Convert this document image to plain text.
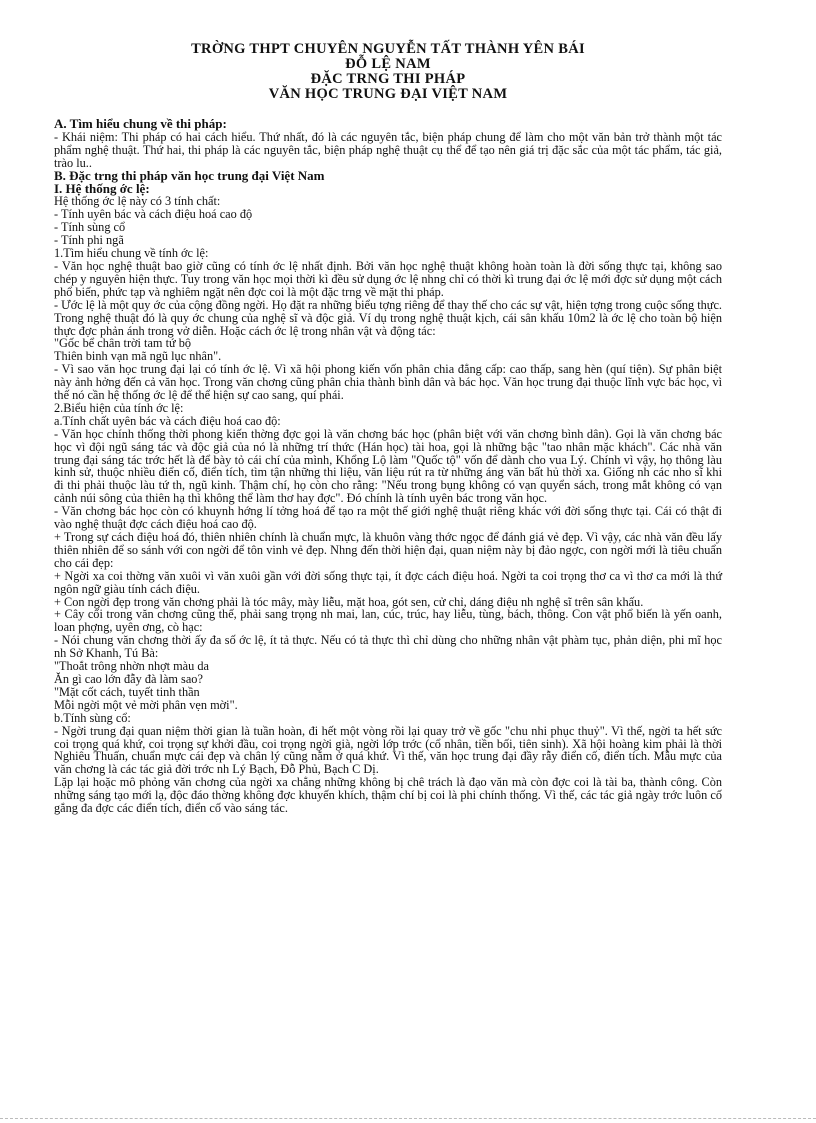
TRỜNG THPT CHUYÊN NGUYỄN TẤT THÀNH YÊN BÁI
ĐỖ LỆ NAM
ĐẶC TRNG THI PHÁP
VĂN HỌC TRUNG ĐẠI VIỆT NAM

A. Tìm hiểu chung về thi pháp:

- Khái niệm: Thi pháp có hai cách hiểu. Thứ nhất, đó là các nguyên tắc, biện pháp chung để làm cho một văn bản trở thành một tác phẩm nghệ thuật. Thứ hai, thi pháp là các nguyên tắc, biện pháp nghệ thuật cụ thể để tạo nên giá trị đặc sắc của một tác phẩm, tác giả, trào lu..

B. Đặc trng thi pháp văn học trung đại Việt Nam

I. Hệ thống ớc lệ:

Hệ thống ớc lệ này có 3 tính chất:

- Tính uyên bác và cách điệu hoá cao độ

- Tính sùng cổ

- Tính phi ngã

1.Tìm hiểu chung về tính ớc lệ:

- Văn học nghệ thuật bao giờ cũng có tính ớc lệ nhất định. Bởi văn học nghệ thuật không hoàn toàn là đời sống thực tại, không sao chép y nguyên hiện thực. Tuy trong văn học mọi thời kì đều sử dụng ớc lệ nhng chỉ có thời kì trung đại ớc lệ mới đợc sử dụng một cách phổ biến, phức tạp và nghiêm ngặt nên đợc coi là một đặc trng về mặt thi pháp.

- Ước lệ là một quy ớc của cộng đồng ngời. Họ đặt ra những biểu tợng riêng để thay thế cho các sự vật, hiện tợng trong cuộc sống thực. Trong nghệ thuật đó là quy ớc chung của nghệ sĩ và độc giả. Ví dụ trong nghệ thuật kịch, cái sân khấu 10m2 là ớc lệ cho toàn bộ hiện thực đợc phản ánh trong vở diễn. Hoặc cách ớc lệ trong nhân vật và động tác:

"Gốc bể chân trời tam tứ bộ

Thiên binh vạn mã ngũ lục nhân".

- Vì sao văn học trung đại lại có tính ớc lệ. Vì xã hội phong kiến vốn phân chia đẳng cấp: cao thấp, sang hèn (quí tiện). Sự phân biệt này ảnh hởng đến cả văn học. Trong văn chơng cũng phân chia thành bình dân và bác học. Văn học trung đại thuộc lĩnh vực bác học, vì thế nó cần hệ thống ớc lệ để thể hiện sự cao sang, quí phái.

2.Biểu hiện của tính ớc lệ:

a.Tính chất uyên bác và cách điệu hoá cao độ:

- Văn học chính thống thời phong kiến thờng đợc gọi là văn chơng bác học (phân biệt với văn chơng bình dân). Gọi là văn chơng bác học vì đội ngũ sáng tác và độc giả của nó là những trí thức (Hán học) tài hoa, gọi là những bậc "tao nhân mặc khách". Các nhà văn trung đại sáng tác trớc hết là để bày tỏ cái chí của mình, Khổng Lộ làm "Quốc tộ" vốn để dành cho vua Lý. Chính vì vậy, họ thông làu kinh sử, thuộc nhiều điển cố, điển tích, tìm tận những thi liệu, văn liệu rút ra từ những áng văn bất hủ thời xa. Giống nh các nho sĩ khi đi thi phải thuộc làu tứ th, ngũ kinh. Thậm chí, họ còn cho rằng: "Nếu trong bụng không có vạn quyển sách, trong mắt không có vạn cảnh núi sông của thiên hạ thì không thể làm thơ hay đợc". Đó chính là tính uyên bác trong văn học.

- Văn chơng bác học còn có khuynh hớng lí tởng hoá để tạo ra một thế giới nghệ thuật riêng khác với đời sống thực tại. Cái có thật đi vào nghệ thuật đợc cách điệu hoá cao độ.

+ Trong sự cách điệu hoá đó, thiên nhiên chính là chuẩn mực, là khuôn vàng thớc ngọc để đánh giá vẻ đẹp. Vì vậy, các nhà văn đều lấy thiên nhiên để so sánh với con ngời để tôn vinh vẻ đẹp. Nhng đến thời hiện đại, quan niệm này bị đảo ngợc, con ngời mới là tiêu chuẩn cho cái đẹp:

+ Ngời xa coi thờng văn xuôi vì văn xuôi gần với đời sống thực tại, ít đợc cách điệu hoá. Ngời ta coi trọng thơ ca vì thơ ca mới là thứ ngôn ngữ giàu tính cách điệu.

+ Con ngời đẹp trong văn chơng phải là tóc mây, mày liễu, mặt hoa, gót sen, cử chỉ, dáng điệu nh nghệ sĩ trên sân khấu.

+ Cây cối trong văn chơng cũng thế, phải sang trọng nh mai, lan, cúc, trúc, hay liễu, tùng, bách, thông. Con vật phổ biến là yến oanh, loan phợng, uyên ơng, cò hạc:

- Nói chung văn chơng thời ấy đa số ớc lệ, ít tả thực. Nếu có tả thực thì chỉ dùng cho những nhân vật phàm tục, phản diện, phi mĩ học nh Sở Khanh, Tú Bà:

"Thoắt trông nhờn nhợt màu da

Ăn gì cao lớn đẫy đà làm sao?

"Mặt cốt cách, tuyết tinh thần

Mỗi ngời một vẻ mời phân vẹn mời".

b.Tính sùng cổ:

- Ngời trung đại quan niệm thời gian là tuần hoàn, đi hết một vòng rồi lại quay trở về gốc "chu nhi phục thuỷ". Vì thế, ngời ta hết sức coi trọng quá khứ, coi trọng sự khởi đầu, coi trọng ngời già, ngời lớp trớc (cổ nhân, tiền bối, tiên sinh). Xã hội hoàng kim phải là thời Nghiêu Thuấn, chuẩn mực cái đẹp và chân lý cũng nằm ở quá khứ. Vì thế, văn học trung đại đầy rẫy điển cố, điển tích. Mẫu mực của văn chơng là các tác giả đời trớc nh Lý Bạch, Đỗ Phủ, Bạch C Dị.

Lặp lại hoặc mô phỏng văn chơng của ngời xa chẳng những không bị chê trách là đạo văn mà còn đợc coi là tài ba, thành công. Còn những sáng tạo mới lạ, độc đáo thờng không đợc khuyến khích, thậm chí bị coi là phi chính thống. Vì thế, các tác giả ngày trớc luôn cố gắng đa đợc các điển tích, điển cố vào sáng tác.
